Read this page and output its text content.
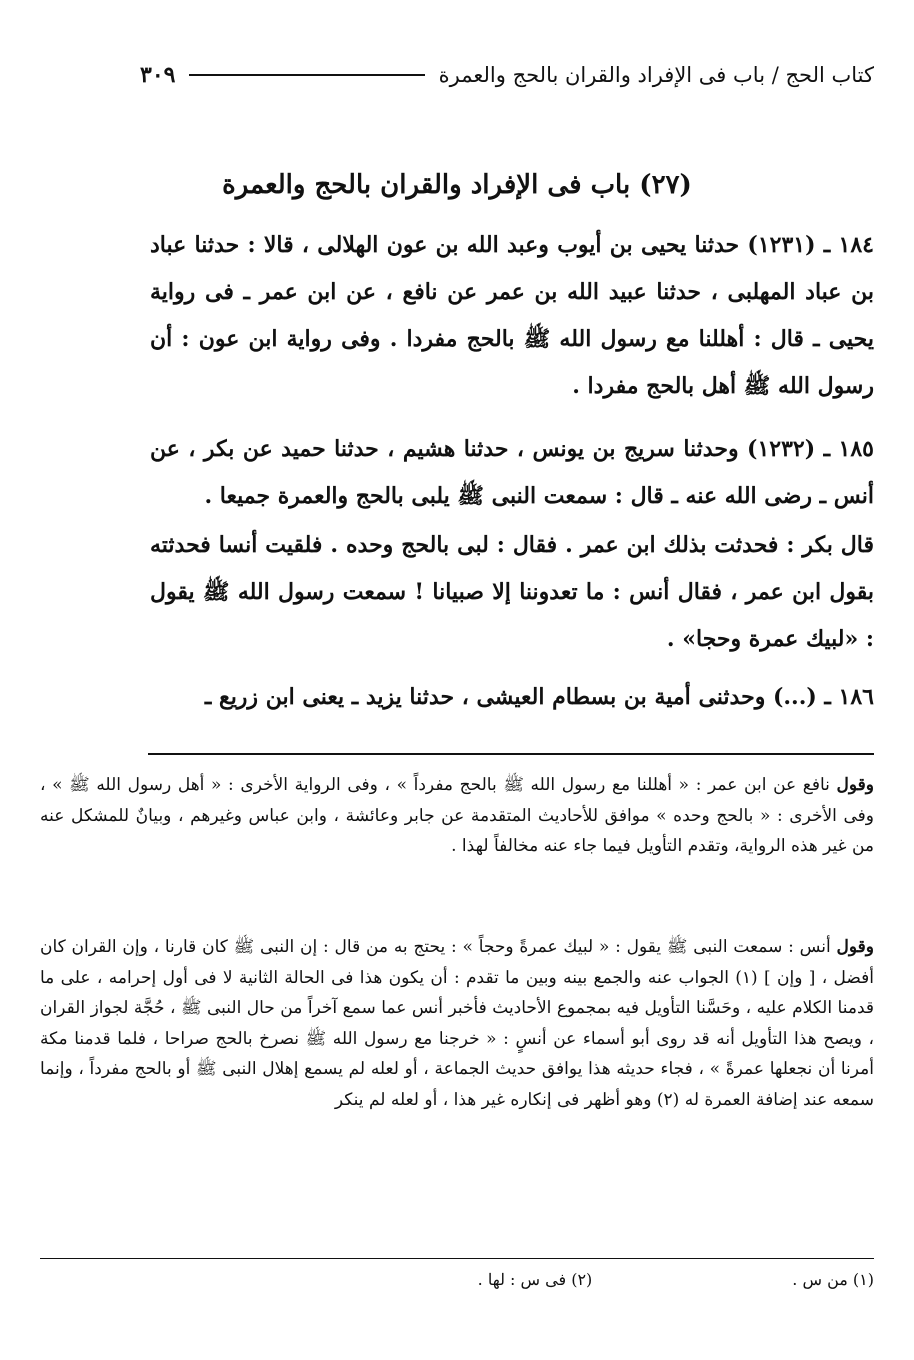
كتاب الحج / باب فى الإفراد والقران بالحج والعمرة
٣٠٩
(٢٧) باب فى الإفراد والقران بالحج والعمرة
١٨٤ ـ (١٢٣١) حدثنا يحيى بن أيوب وعبد الله بن عون الهلالى ، قالا : حدثنا عباد بن عباد المهلبى ، حدثنا عبيد الله بن عمر عن نافع ، عن ابن عمر ـ فى رواية يحيى ـ قال : أهللنا مع رسول الله ﷺ بالحج مفردا . وفى رواية ابن عون : أن رسول الله ﷺ أهل بالحج مفردا .
١٨٥ ـ (١٢٣٢) وحدثنا سريج بن يونس ، حدثنا هشيم ، حدثنا حميد عن بكر ، عن أنس ـ رضى الله عنه ـ قال : سمعت النبى ﷺ يلبى بالحج والعمرة جميعا .
قال بكر : فحدثت بذلك ابن عمر . فقال : لبى بالحج وحده . فلقيت أنسا فحدثته بقول ابن عمر ، فقال أنس : ما تعدوننا إلا صبيانا ! سمعت رسول الله ﷺ يقول : «لبيك عمرة وحجا» .
١٨٦ ـ (...) وحدثنى أمية بن بسطام العيشى ، حدثنا يزيد ـ يعنى ابن زريع ـ
وقول نافع عن ابن عمر : « أهللنا مع رسول الله ﷺ بالحج مفرداً » ، وفى الرواية الأخرى : « أهل رسول الله ﷺ » ، وفى الأخرى : « بالحج وحده » موافق للأحاديث المتقدمة عن جابر وعائشة ، وابن عباس وغيرهم ، وبيانٌ للمشكل عنه من غير هذه الرواية، وتقدم التأويل فيما جاء عنه مخالفاً لهذا .
وقول أنس : سمعت النبى ﷺ يقول : « لبيك عمرةً وحجاً » : يحتج به من قال : إن النبى ﷺ كان قارنا ، وإن القران كان أفضل ، [ وإن ] (١) الجواب عنه والجمع بينه وبين ما تقدم : أن يكون هذا فى الحالة الثانية لا فى أول إحرامه ، على ما قدمنا الكلام عليه ، وحَسَّنا التأويل فيه بمجموع الأحاديث فأخبر أنس عما سمع آخراً من حال النبى ﷺ ، حُجَّة لجواز القران ، ويصح هذا التأويل أنه قد روى أبو أسماء عن أنسٍ : « خرجنا مع رسول الله ﷺ نصرخ بالحج صراحا ، فلما قدمنا مكة أمرنا أن نجعلها عمرةً » ، فجاء حديثه هذا يوافق حديث الجماعة ، أو لعله لم يسمع إهلال النبى ﷺ أو بالحج مفرداً ، وإنما سمعه عند إضافة العمرة له (٢) وهو أظهر فى إنكاره غير هذا ، أو لعله لم ينكر
(١) من س .
(٢) فى س : لها .
